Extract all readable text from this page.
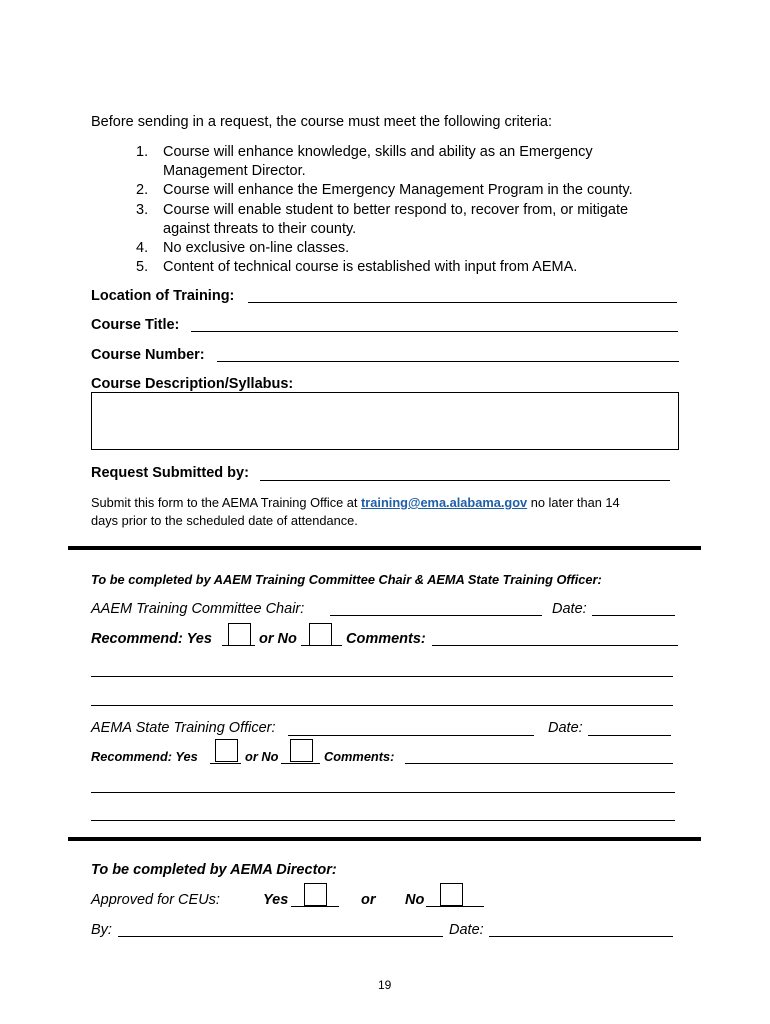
Before sending in a request, the course must meet the following criteria:
1. Course will enhance knowledge, skills and ability as an Emergency
Management Director.
2. Course will enhance the Emergency Management Program in the county.
3. Course will enable student to better respond to, recover from, or mitigate
against threats to their county.
4. No exclusive on-line classes.
5. Content of technical course is established with input from AEMA.
Location of Training:
Course Title:
Course Number:
Course Description/Syllabus:
Request Submitted by:
Submit this form to the AEMA Training Office at training@ema.alabama.gov no later than 14
days prior to the scheduled date of attendance.
To be completed by AAEM Training Committee Chair & AEMA State Training Officer:
AAEM Training Committee Chair:	Date:
Recommend: Yes	or No	Comments:
AEMA State Training Officer:	Date:
Recommend: Yes	or No	Comments:
To be completed by AEMA Director:
Approved for CEUs:	Yes	or No
By:	Date:
19
